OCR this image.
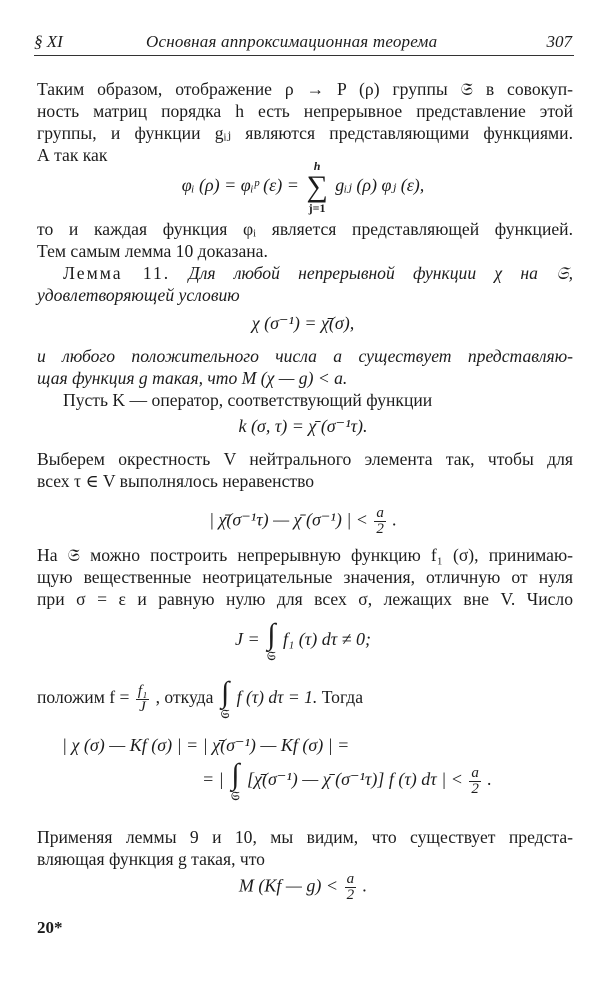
§ XI	Основная аппроксимационная теорема	307
Таким образом, отображение ρ → P (ρ) группы 𝔖 в совокуп-
ность матриц порядка h есть непрерывное представление этой
группы, и функции gᵢⱼ являются представляющими функциями.
А так как
φᵢ (ρ) = φᵢᵖ (ε) =
h
∑
j=1
gᵢⱼ (ρ) φⱼ (ε),
то и каждая функция φᵢ является представляющей функцией.
Тем самым лемма 10 доказана.
Лемма 11. Для любой непрерывной функции χ на 𝔖,
удовлетворяющей условию
χ (σ⁻¹) = χ̄(σ),
и любого положительного числа a существует представляю-
щая функция g такая, что M (χ — g) < a.
Пусть K — оператор, соответствующий функции
k (σ, τ) = χ̄ (σ⁻¹τ).
Выберем окрестность V нейтрального элемента так, чтобы для
всех τ ∈ V выполнялось неравенство
| χ̄(σ⁻¹τ) — χ̄ (σ⁻¹) | < $\frac{a}{2}$ .
На 𝔖 можно построить непрерывную функцию f₁ (σ), принимаю-
щую вещественные неотрицательные значения, отличную от нуля
при σ = ε и равную нулю для всех σ, лежащих вне V. Число
J = ∫
𝔖
f₁ (τ) dτ ≠ 0;
положим $f = \frac{\text{f₁}}{J}$ , откуда ∫
𝔖
f (τ) dτ = 1. Тогда
| χ (σ) — Kf (σ) | = | χ̄(σ⁻¹) — Kf (σ) | =
= | ∫
𝔖
[χ̄(σ⁻¹) — χ̄ (σ⁻¹τ)] f (τ) dτ | < $\frac{a}{2}$ .
Применяя леммы 9 и 10, мы видим, что существует предста-
вляющая функция g такая, что
M (Kf — $g) < \frac{a}{2}$ .
20*
